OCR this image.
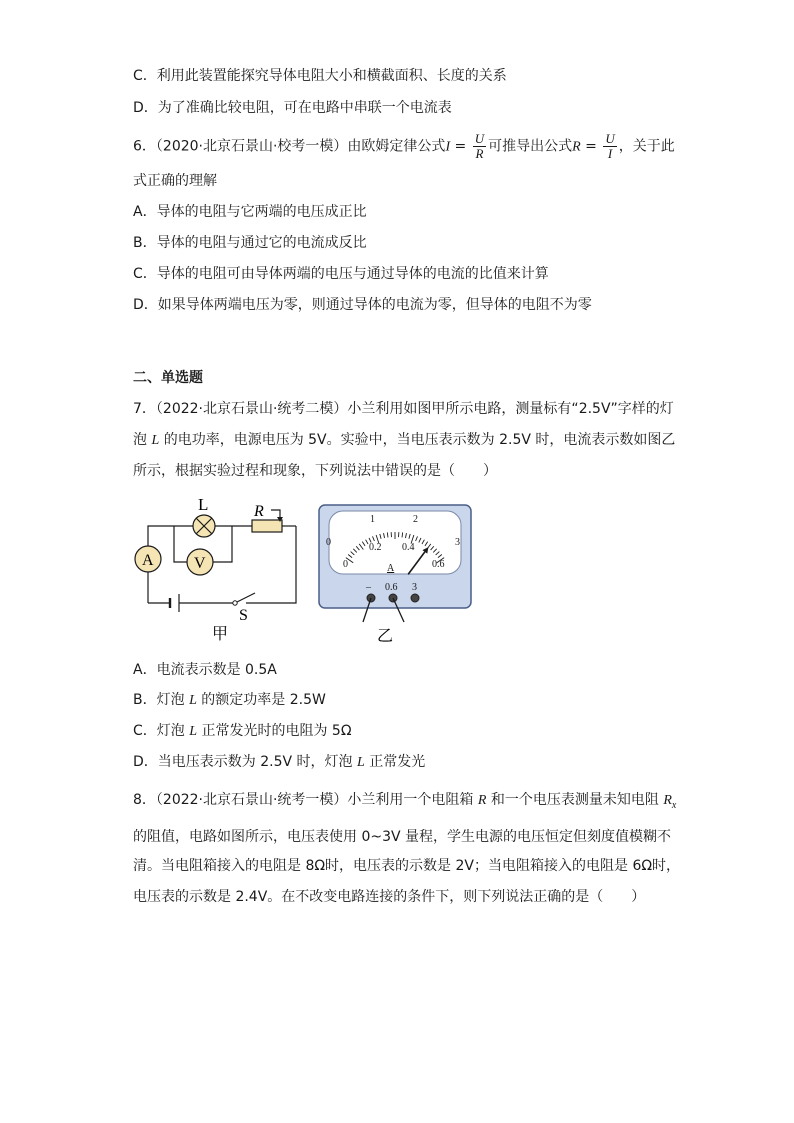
C．利用此装置能探究导体电阻大小和横截面积、长度的关系
D．为了准确比较电阻，可在电路中串联一个电流表
6．（2020·北京石景山·校考一模）由欧姆定律公式$I = \frac{U}{R}$ 可推导出公式$R = \frac{U}{I}$ ，关于此
式正确的理解
A．导体的电阻与它两端的电压成正比
B．导体的电阻与通过它的电流成反比
C．导体的电阻可由导体两端的电压与通过导体的电流的比值来计算
D．如果导体两端电压为零，则通过导体的电流为零，但导体的电阻不为零
二、单选题
7．（2022·北京石景山·统考二模）小兰利用如图甲所示电路，测量标有“2.5V”字样的灯
泡 L 的电功率，电源电压为 5V。实验中，当电压表示数为 2.5V 时，电流表示数如图乙
所示，根据实验过程和现象，下列说法中错误的是（　　）
L	R
A	V
S
甲
0
1	2
3
0
0.2 0.4
0.6
A
– 0.6 3
乙
A．电流表示数是 0.5A
B．灯泡 L 的额定功率是 2.5W
C．灯泡 L 正常发光时的电阻为 5Ω
D．当电压表示数为 2.5V 时，灯泡 L 正常发光
8．（2022·北京石景山·统考一模）小兰利用一个电阻箱 R 和一个电压表测量未知电阻 $R_x$
的阻值，电路如图所示，电压表使用 0~3V 量程，学生电源的电压恒定但刻度值模糊不
清。当电阻箱接入的电阻是 8Ω时，电压表的示数是 2V；当电阻箱接入的电阻是 6Ω时，
电压表的示数是 2.4V。在不改变电路连接的条件下，则下列说法正确的是（　　）
